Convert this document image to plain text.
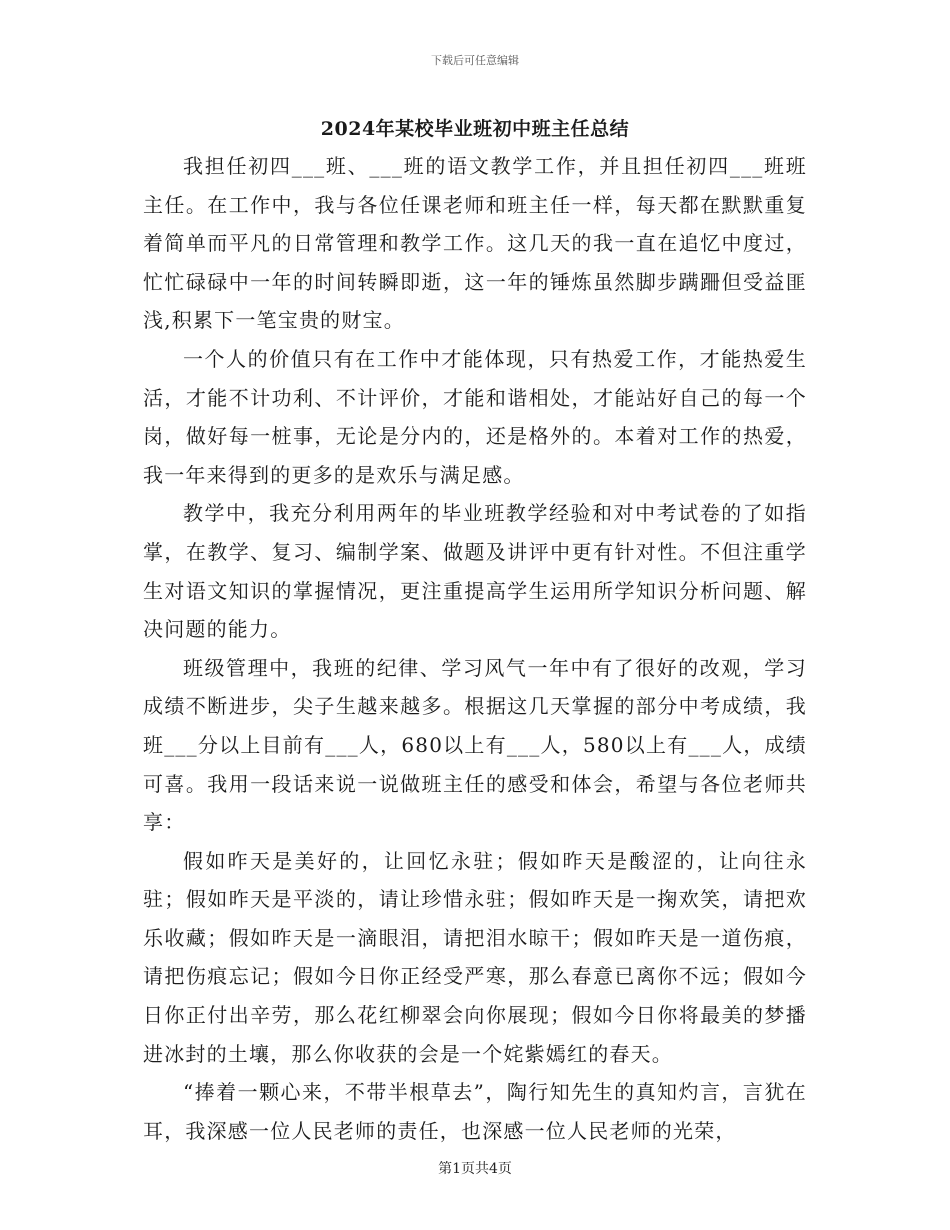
下载后可任意编辑
2024年某校毕业班初中班主任总结

我担任初四___班、___班的语文教学工作，并且担任初四___班班主任。在工作中，我与各位任课老师和班主任一样，每天都在默默重复着简单而平凡的日常管理和教学工作。这几天的我一直在追忆中度过，忙忙碌碌中一年的时间转瞬即逝，这一年的锤炼虽然脚步蹒跚但受益匪浅,积累下一笔宝贵的财宝。

一个人的价值只有在工作中才能体现，只有热爱工作，才能热爱生活，才能不计功利、不计评价，才能和谐相处，才能站好自己的每一个岗，做好每一桩事，无论是分内的，还是格外的。本着对工作的热爱，我一年来得到的更多的是欢乐与满足感。

教学中，我充分利用两年的毕业班教学经验和对中考试卷的了如指掌，在教学、复习、编制学案、做题及讲评中更有针对性。不但注重学生对语文知识的掌握情况，更注重提高学生运用所学知识分析问题、解决问题的能力。

班级管理中，我班的纪律、学习风气一年中有了很好的改观，学习成绩不断进步，尖子生越来越多。根据这几天掌握的部分中考成绩，我班___分以上目前有___人，680以上有___人，580以上有___人，成绩可喜。我用一段话来说一说做班主任的感受和体会，希望与各位老师共享：

假如昨天是美好的，让回忆永驻；假如昨天是酸涩的，让向往永驻；假如昨天是平淡的，请让珍惜永驻；假如昨天是一掬欢笑，请把欢乐收藏；假如昨天是一滴眼泪，请把泪水晾干；假如昨天是一道伤痕，请把伤痕忘记；假如今日你正经受严寒，那么春意已离你不远；假如今日你正付出辛劳，那么花红柳翠会向你展现；假如今日你将最美的梦播进冰封的土壤，那么你收获的会是一个姹紫嫣红的春天。

“捧着一颗心来，不带半根草去”，陶行知先生的真知灼言，言犹在耳，我深感一位人民老师的责任，也深感一位人民老师的光荣，

第1页共4页
